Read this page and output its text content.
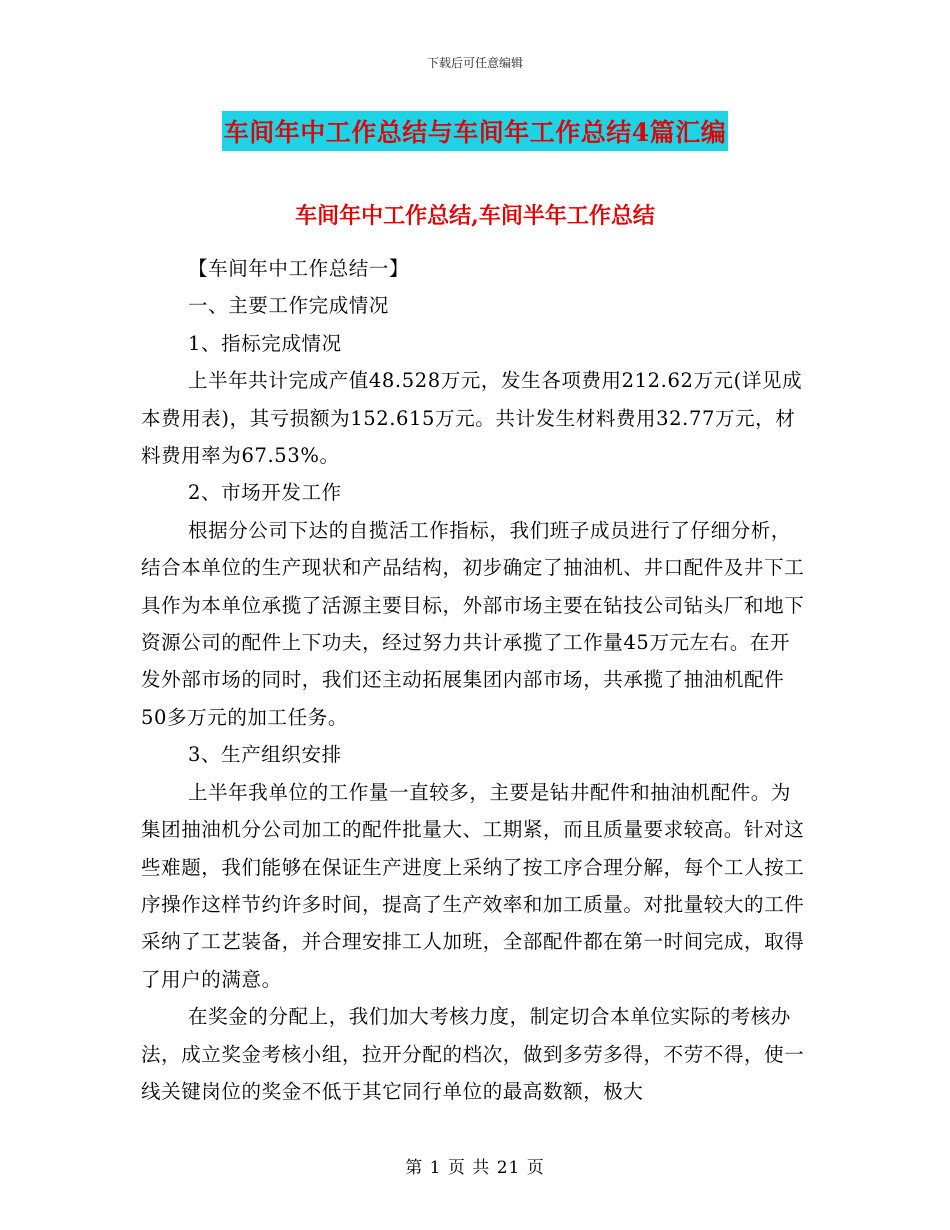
下载后可任意编辑
车间年中工作总结与车间年工作总结4篇汇编
车间年中工作总结,车间半年工作总结

【车间年中工作总结一】

一、主要工作完成情况

1、指标完成情况

上半年共计完成产值48.528万元，发生各项费用212.62万元(详见成本费用表)，其亏损额为152.615万元。共计发生材料费用32.77万元，材料费用率为67.53%。

2、市场开发工作

根据分公司下达的自揽活工作指标，我们班子成员进行了仔细分析，结合本单位的生产现状和产品结构，初步确定了抽油机、井口配件及井下工具作为本单位承揽了活源主要目标，外部市场主要在钻技公司钻头厂和地下资源公司的配件上下功夫，经过努力共计承揽了工作量45万元左右。在开发外部市场的同时，我们还主动拓展集团内部市场，共承揽了抽油机配件50多万元的加工任务。

3、生产组织安排

上半年我单位的工作量一直较多，主要是钻井配件和抽油机配件。为集团抽油机分公司加工的配件批量大、工期紧，而且质量要求较高。针对这些难题，我们能够在保证生产进度上采纳了按工序合理分解，每个工人按工序操作这样节约许多时间，提高了生产效率和加工质量。对批量较大的工件采纳了工艺装备，并合理安排工人加班，全部配件都在第一时间完成，取得了用户的满意。

在奖金的分配上，我们加大考核力度，制定切合本单位实际的考核办法，成立奖金考核小组，拉开分配的档次，做到多劳多得，不劳不得，使一线关键岗位的奖金不低于其它同行单位的最高数额，极大

第 1 页 共 21 页
